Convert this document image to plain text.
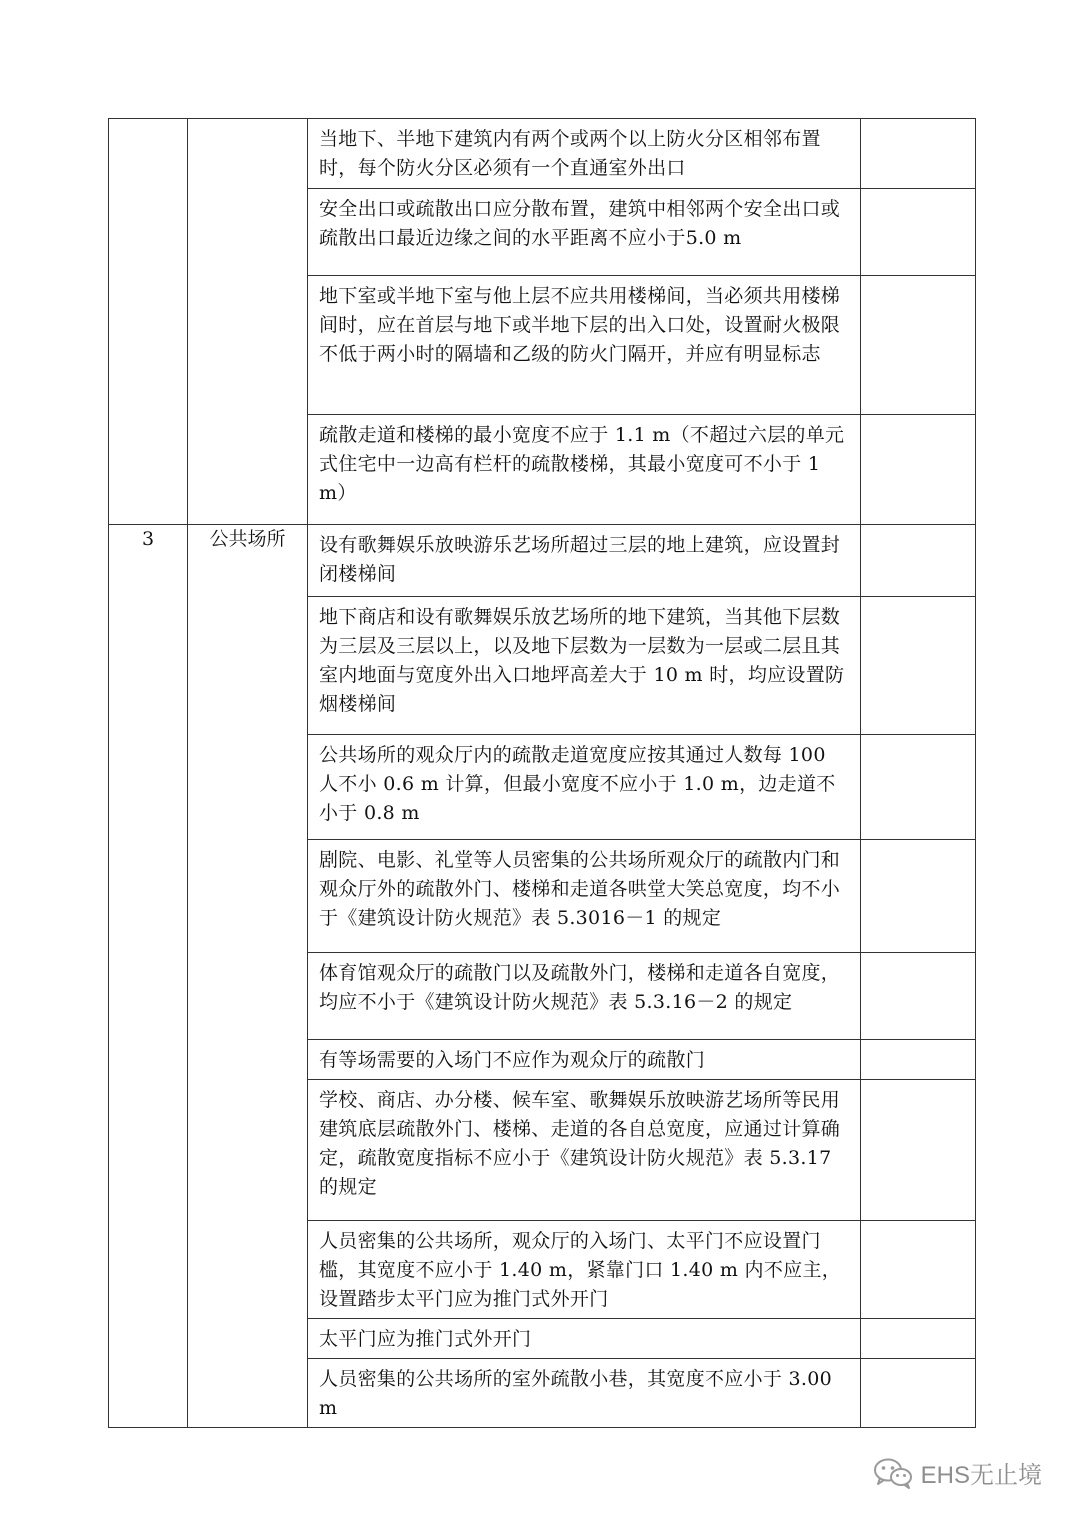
		当地下、半地下建筑内有两个或两个以上防火分区相邻布置时，每个防火分区必须有一个直通室外出口	
		安全出口或疏散出口应分散布置，建筑中相邻两个安全出口或疏散出口最近边缘之间的水平距离不应小于5.0 m	
		地下室或半地下室与他上层不应共用楼梯间，当必须共用楼梯间时，应在首层与地下或半地下层的出入口处，设置耐火极限不低于两小时的隔墙和乙级的防火门隔开，并应有明显标志	
		疏散走道和楼梯的最小宽度不应于 1.1 m（不超过六层的单元式住宅中一边高有栏杆的疏散楼梯，其最小宽度可不小于 1 m）	
3	公共场所	设有歌舞娱乐放映游乐艺场所超过三层的地上建筑，应设置封闭楼梯间	
		地下商店和设有歌舞娱乐放艺场所的地下建筑，当其他下层数为三层及三层以上，以及地下层数为一层数为一层或二层且其室内地面与宽度外出入口地坪高差大于 10 m 时，均应设置防烟楼梯间	
		公共场所的观众厅内的疏散走道宽度应按其通过人数每 100 人不小 0.6 m 计算，但最小宽度不应小于 1.0 m，边走道不小于 0.8 m	
		剧院、电影、礼堂等人员密集的公共场所观众厅的疏散内门和观众厅外的疏散外门、楼梯和走道各哄堂大笑总宽度，均不小于《建筑设计防火规范》表 5.3016－1 的规定	
		体育馆观众厅的疏散门以及疏散外门，楼梯和走道各自宽度，均应不小于《建筑设计防火规范》表 5.3.16－2 的规定	
		有等场需要的入场门不应作为观众厅的疏散门	
		学校、商店、办分楼、候车室、歌舞娱乐放映游艺场所等民用建筑底层疏散外门、楼梯、走道的各自总宽度，应通过计算确定，疏散宽度指标不应小于《建筑设计防火规范》表 5.3.17 的规定	
		人员密集的公共场所，观众厅的入场门、太平门不应设置门槛，其宽度不应小于 1.40 m，紧靠门口 1.40 m 内不应主，设置踏步太平门应为推门式外开门	
		太平门应为推门式外开门	
		人员密集的公共场所的室外疏散小巷，其宽度不应小于 3.00 m	
EHS无止境
